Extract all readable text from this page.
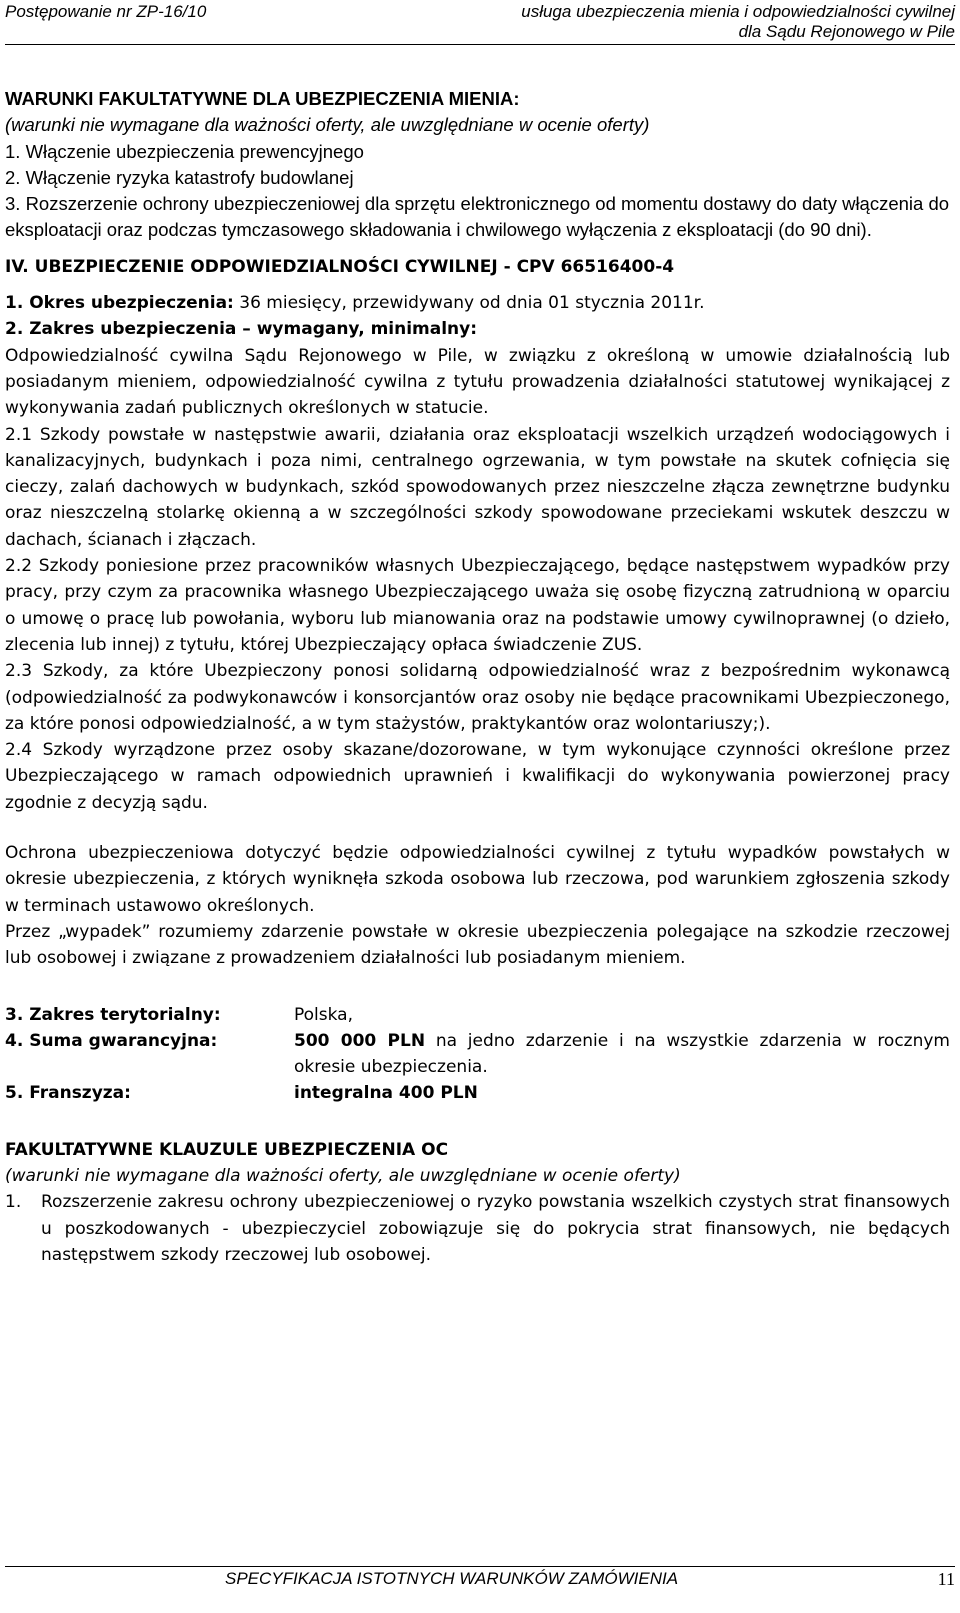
Postępowanie nr ZP-16/10	usługa ubezpieczenia mienia i odpowiedzialności cywilnej
dla Sądu Rejonowego w Pile

WARUNKI FAKULTATYWNE DLA UBEZPIECZENIA MIENIA:

(warunki nie wymagane dla ważności oferty, ale uwzględniane w ocenie oferty)

1. Włączenie ubezpieczenia prewencyjnego

2. Włączenie ryzyka katastrofy budowlanej

3. Rozszerzenie ochrony ubezpieczeniowej dla sprzętu elektronicznego od momentu dostawy do daty włączenia do eksploatacji oraz podczas tymczasowego składowania i chwilowego wyłączenia z eksploatacji (do 90 dni).

IV. UBEZPIECZENIE ODPOWIEDZIALNOŚCI CYWILNEJ - CPV 66516400-4

1. Okres ubezpieczenia: 36 miesięcy, przewidywany od dnia 01 stycznia 2011r.

2. Zakres ubezpieczenia – wymagany, minimalny:

Odpowiedzialność cywilna Sądu Rejonowego w Pile, w związku z określoną w umowie działalnością lub posiadanym mieniem, odpowiedzialność cywilna z tytułu prowadzenia działalności statutowej wynikającej z wykonywania zadań publicznych określonych w statucie.

2.1 Szkody powstałe w następstwie awarii, działania oraz eksploatacji wszelkich urządzeń wodociągowych i kanalizacyjnych, budynkach i poza nimi, centralnego ogrzewania, w tym powstałe na skutek cofnięcia się cieczy, zalań dachowych w budynkach, szkód spowodowanych przez nieszczelne złącza zewnętrzne budynku oraz nieszczelną stolarkę okienną a w szczególności szkody spowodowane przeciekami wskutek deszczu w dachach, ścianach i złączach.

2.2 Szkody poniesione przez pracowników własnych Ubezpieczającego, będące następstwem wypadków przy pracy, przy czym za pracownika własnego Ubezpieczającego uważa się osobę fizyczną zatrudnioną w oparciu o umowę o pracę lub powołania, wyboru lub mianowania oraz na podstawie umowy cywilnoprawnej (o dzieło, zlecenia lub innej) z tytułu, której Ubezpieczający opłaca świadczenie ZUS.

2.3 Szkody, za które Ubezpieczony ponosi solidarną odpowiedzialność wraz z bezpośrednim wykonawcą (odpowiedzialność za podwykonawców i konsorcjantów oraz osoby nie będące pracownikami Ubezpieczonego, za które ponosi odpowiedzialność, a w tym stażystów, praktykantów oraz wolontariuszy;).

2.4 Szkody wyrządzone przez osoby skazane/dozorowane, w tym wykonujące czynności określone przez Ubezpieczającego w ramach odpowiednich uprawnień i kwalifikacji do wykonywania powierzonej pracy zgodnie z decyzją sądu.

Ochrona ubezpieczeniowa dotyczyć będzie odpowiedzialności cywilnej z tytułu wypadków powstałych w okresie ubezpieczenia, z których wyniknęła szkoda osobowa lub rzeczowa, pod warunkiem zgłoszenia szkody w terminach ustawowo określonych.

Przez „wypadek” rozumiemy zdarzenie powstałe w okresie ubezpieczenia polegające na szkodzie rzeczowej lub osobowej i związane z prowadzeniem działalności lub posiadanym mieniem.

3. Zakres terytorialny:	Polska,
4. Suma gwarancyjna:	500 000 PLN na jedno zdarzenie i na wszystkie zdarzenia w rocznym okresie ubezpieczenia.
5. Franszyza:	integralna 400 PLN

FAKULTATYWNE KLAUZULE UBEZPIECZENIA OC

(warunki nie wymagane dla ważności oferty, ale uwzględniane w ocenie oferty)

1.	Rozszerzenie zakresu ochrony ubezpieczeniowej o ryzyko powstania wszelkich czystych strat finansowych u poszkodowanych - ubezpieczyciel zobowiązuje się do pokrycia strat finansowych, nie będących następstwem szkody rzeczowej lub osobowej.
SPECYFIKACJA ISTOTNYCH WARUNKÓW ZAMÓWIENIA	11
